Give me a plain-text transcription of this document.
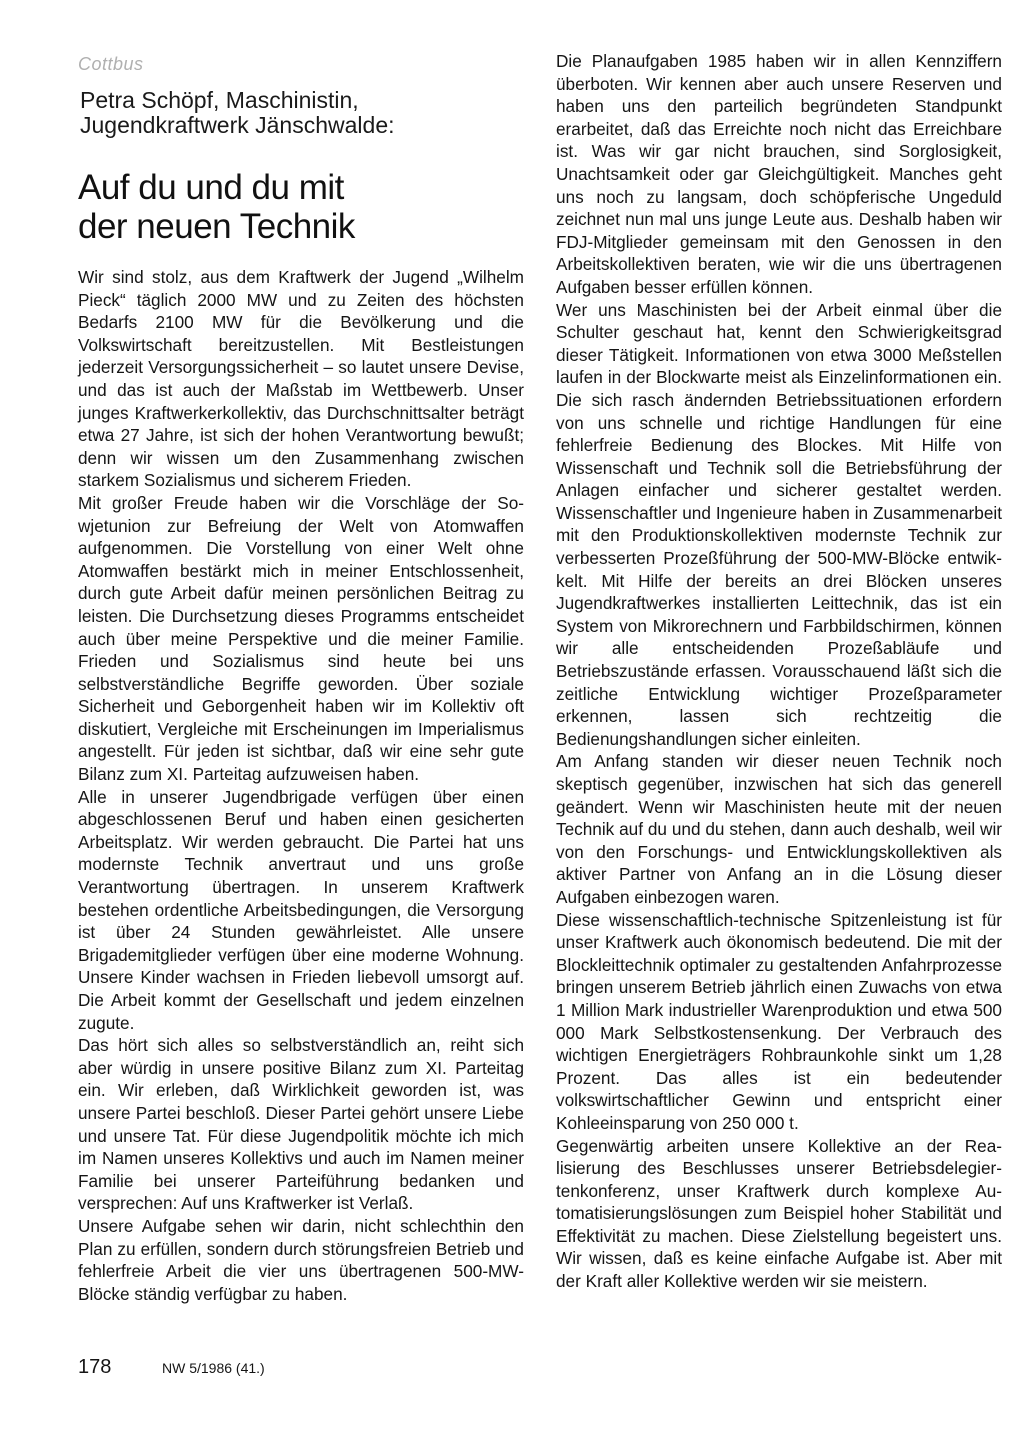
Cottbus
Petra Schöpf, Maschinistin,
Jugendkraftwerk Jänschwalde:
Auf du und du mit
der neuen Technik

Wir sind stolz, aus dem Kraftwerk der Jugend „Wilhelm Pieck“ täglich 2000 MW und zu Zeiten des höchsten Bedarfs 2100 MW für die Bevölkerung und die Volkswirtschaft bereitzustellen. Mit Bestleistungen jederzeit Versorgungssicherheit – so lautet unsere Devise, und das ist auch der Maßstab im Wettbewerb. Unser junges Kraftwerkerkollektiv, das Durchschnittsalter beträgt etwa 27 Jahre, ist sich der hohen Verantwortung bewußt; denn wir wissen um den Zusammenhang zwischen starkem Sozialismus und sicherem Frieden.

Mit großer Freude haben wir die Vorschläge der Sowjetunion zur Befreiung der Welt von Atomwaffen aufgenommen. Die Vorstellung von einer Welt ohne Atomwaffen bestärkt mich in meiner Entschlossenheit, durch gute Arbeit dafür meinen persönlichen Beitrag zu leisten. Die Durchsetzung dieses Programms entscheidet auch über meine Perspektive und die meiner Familie. Frieden und Sozialismus sind heute bei uns selbstverständliche Begriffe geworden. Über soziale Sicherheit und Geborgenheit haben wir im Kollektiv oft diskutiert, Vergleiche mit Erscheinungen im Imperialismus angestellt. Für jeden ist sichtbar, daß wir eine sehr gute Bilanz zum XI. Parteitag aufzuweisen haben.

Alle in unserer Jugendbrigade verfügen über einen abgeschlossenen Beruf und haben einen gesicherten Arbeitsplatz. Wir werden gebraucht. Die Partei hat uns modernste Technik anvertraut und uns große Verantwortung übertragen. In unserem Kraftwerk bestehen ordentliche Arbeitsbedingungen, die Versorgung ist über 24 Stunden gewährleistet. Alle unsere Brigademitglieder verfügen über eine moderne Wohnung. Unsere Kinder wachsen in Frieden liebevoll umsorgt auf. Die Arbeit kommt der Gesellschaft und jedem einzelnen zugute.

Das hört sich alles so selbstverständlich an, reiht sich aber würdig in unsere positive Bilanz zum XI. Parteitag ein. Wir erleben, daß Wirklichkeit geworden ist, was unsere Partei beschloß. Dieser Partei gehört unsere Liebe und unsere Tat. Für diese Jugendpolitik möchte ich mich im Namen unseres Kollektivs und auch im Namen meiner Familie bei unserer Parteiführung bedanken und versprechen: Auf uns Kraftwerker ist Verlaß.

Unsere Aufgabe sehen wir darin, nicht schlechthin den Plan zu erfüllen, sondern durch störungsfreien Betrieb und fehlerfreie Arbeit die vier uns übertragenen 500-MW-Blöcke ständig verfügbar zu haben.

Die Planaufgaben 1985 haben wir in allen Kennziffern überboten. Wir kennen aber auch unsere Reserven und haben uns den parteilich begründeten Standpunkt erarbeitet, daß das Erreichte noch nicht das Erreichbare ist. Was wir gar nicht brauchen, sind Sorglosigkeit, Unachtsamkeit oder gar Gleichgültigkeit. Manches geht uns noch zu langsam, doch schöpferische Ungeduld zeichnet nun mal uns junge Leute aus. Deshalb haben wir FDJ-Mitglieder gemeinsam mit den Genossen in den Arbeitskollektiven beraten, wie wir die uns übertragenen Aufgaben besser erfüllen können.

Wer uns Maschinisten bei der Arbeit einmal über die Schulter geschaut hat, kennt den Schwierigkeitsgrad dieser Tätigkeit. Informationen von etwa 3000 Meßstellen laufen in der Blockwarte meist als Einzelinformationen ein. Die sich rasch ändernden Betriebssituationen erfordern von uns schnelle und richtige Handlungen für eine fehlerfreie Bedienung des Blockes. Mit Hilfe von Wissenschaft und Technik soll die Betriebsführung der Anlagen einfacher und sicherer gestaltet werden. Wissenschaftler und Ingenieure haben in Zusammenarbeit mit den Produktionskollektiven modernste Technik zur verbesserten Prozeßführung der 500-MW-Blöcke entwikkelt. Mit Hilfe der bereits an drei Blöcken unseres Jugendkraftwerkes installierten Leittechnik, das ist ein System von Mikrorechnern und Farbbildschirmen, können wir alle entscheidenden Prozeßabläufe und Betriebszustände erfassen. Vorausschauend läßt sich die zeitliche Entwicklung wichtiger Prozeßparameter erkennen, lassen sich rechtzeitig die Bedienungshandlungen sicher einleiten.

Am Anfang standen wir dieser neuen Technik noch skeptisch gegenüber, inzwischen hat sich das generell geändert. Wenn wir Maschinisten heute mit der neuen Technik auf du und du stehen, dann auch deshalb, weil wir von den Forschungs- und Entwicklungskollektiven als aktiver Partner von Anfang an in die Lösung dieser Aufgaben einbezogen waren.

Diese wissenschaftlich-technische Spitzenleistung ist für unser Kraftwerk auch ökonomisch bedeutend. Die mit der Blockleittechnik optimaler zu gestaltenden Anfahrprozesse bringen unserem Betrieb jährlich einen Zuwachs von etwa 1 Million Mark industrieller Warenproduktion und etwa 500 000 Mark Selbstkostensenkung. Der Verbrauch des wichtigen Energieträgers Rohbraunkohle sinkt um 1,28 Prozent. Das alles ist ein bedeutender volkswirtschaftlicher Gewinn und entspricht einer Kohleeinsparung von 250 000 t.

Gegenwärtig arbeiten unsere Kollektive an der Realisierung des Beschlusses unserer Betriebsdelegiertenkonferenz, unser Kraftwerk durch komplexe Automatisierungslösungen zum Beispiel hoher Stabilität und Effektivität zu machen. Diese Zielstellung begeistert uns. Wir wissen, daß es keine einfache Aufgabe ist. Aber mit der Kraft aller Kollektive werden wir sie meistern.

178	NW 5/1986 (41.)
